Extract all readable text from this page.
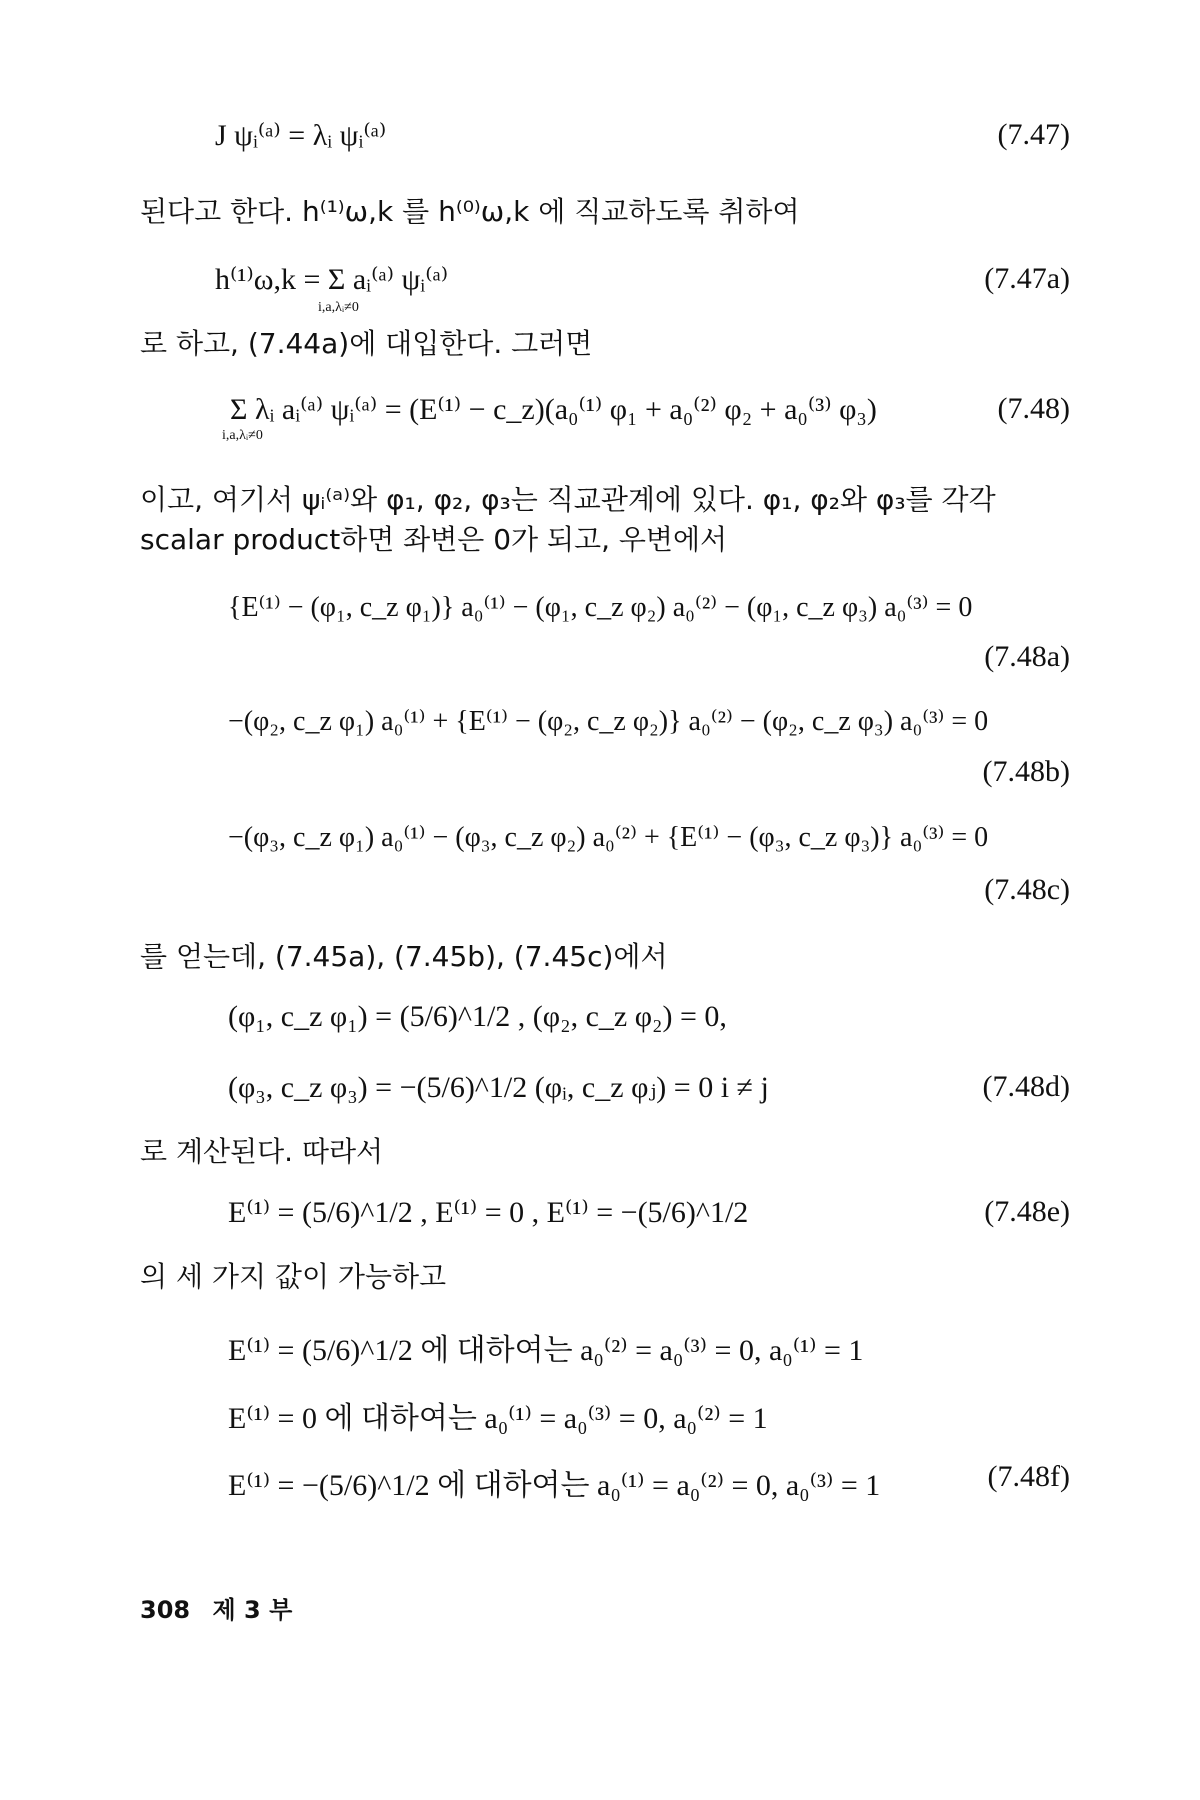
J ψᵢ⁽ᵃ⁾ = λᵢ ψᵢ⁽ᵃ⁾	(7.47)
된다고 한다. h⁽¹⁾ω,k 를 h⁽⁰⁾ω,k 에 직교하도록 취하여
h⁽¹⁾ω,k = Σ aᵢ⁽ᵃ⁾ ψᵢ⁽ᵃ⁾
i,a,λᵢ≠0
(7.47a)
로 하고, (7.44a)에 대입한다. 그러면
Σ λᵢ aᵢ⁽ᵃ⁾ ψᵢ⁽ᵃ⁾ = (E⁽¹⁾ − c_z)(a₀⁽¹⁾ φ₁ + a₀⁽²⁾ φ₂ + a₀⁽³⁾ φ₃)
i,a,λᵢ≠0
(7.48)
이고, 여기서 ψᵢ⁽ᵃ⁾와 φ₁, φ₂, φ₃는 직교관계에 있다. φ₁, φ₂와 φ₃를 각각
scalar product하면 좌변은 0가 되고, 우변에서
{E⁽¹⁾ − (φ₁, c_z φ₁)} a₀⁽¹⁾ − (φ₁, c_z φ₂) a₀⁽²⁾ − (φ₁, c_z φ₃) a₀⁽³⁾ = 0
(7.48a)
−(φ₂, c_z φ₁) a₀⁽¹⁾ + {E⁽¹⁾ − (φ₂, c_z φ₂)} a₀⁽²⁾ − (φ₂, c_z φ₃) a₀⁽³⁾ = 0
(7.48b)
−(φ₃, c_z φ₁) a₀⁽¹⁾ − (φ₃, c_z φ₂) a₀⁽²⁾ + {E⁽¹⁾ − (φ₃, c_z φ₃)} a₀⁽³⁾ = 0
(7.48c)
를 얻는데, (7.45a), (7.45b), (7.45c)에서
(φ₁, c_z φ₁) = (5/6)^1/2 , (φ₂, c_z φ₂) = 0,
(φ₃, c_z φ₃) = −(5/6)^1/2 (φᵢ, c_z φⱼ) = 0 i ≠ j	(7.48d)
로 계산된다. 따라서
E⁽¹⁾ = (5/6)^1/2 , E⁽¹⁾ = 0 , E⁽¹⁾ = −(5/6)^1/2	(7.48e)
의 세 가지 값이 가능하고
E⁽¹⁾ = (5/6)^1/2 에 대하여는 a₀⁽²⁾ = a₀⁽³⁾ = 0, a₀⁽¹⁾ = 1
E⁽¹⁾ = 0 에 대하여는 a₀⁽¹⁾ = a₀⁽³⁾ = 0, a₀⁽²⁾ = 1
E⁽¹⁾ = −(5/6)^1/2 에 대하여는 a₀⁽¹⁾ = a₀⁽²⁾ = 0, a₀⁽³⁾ = 1	(7.48f)
308 제 3 부
